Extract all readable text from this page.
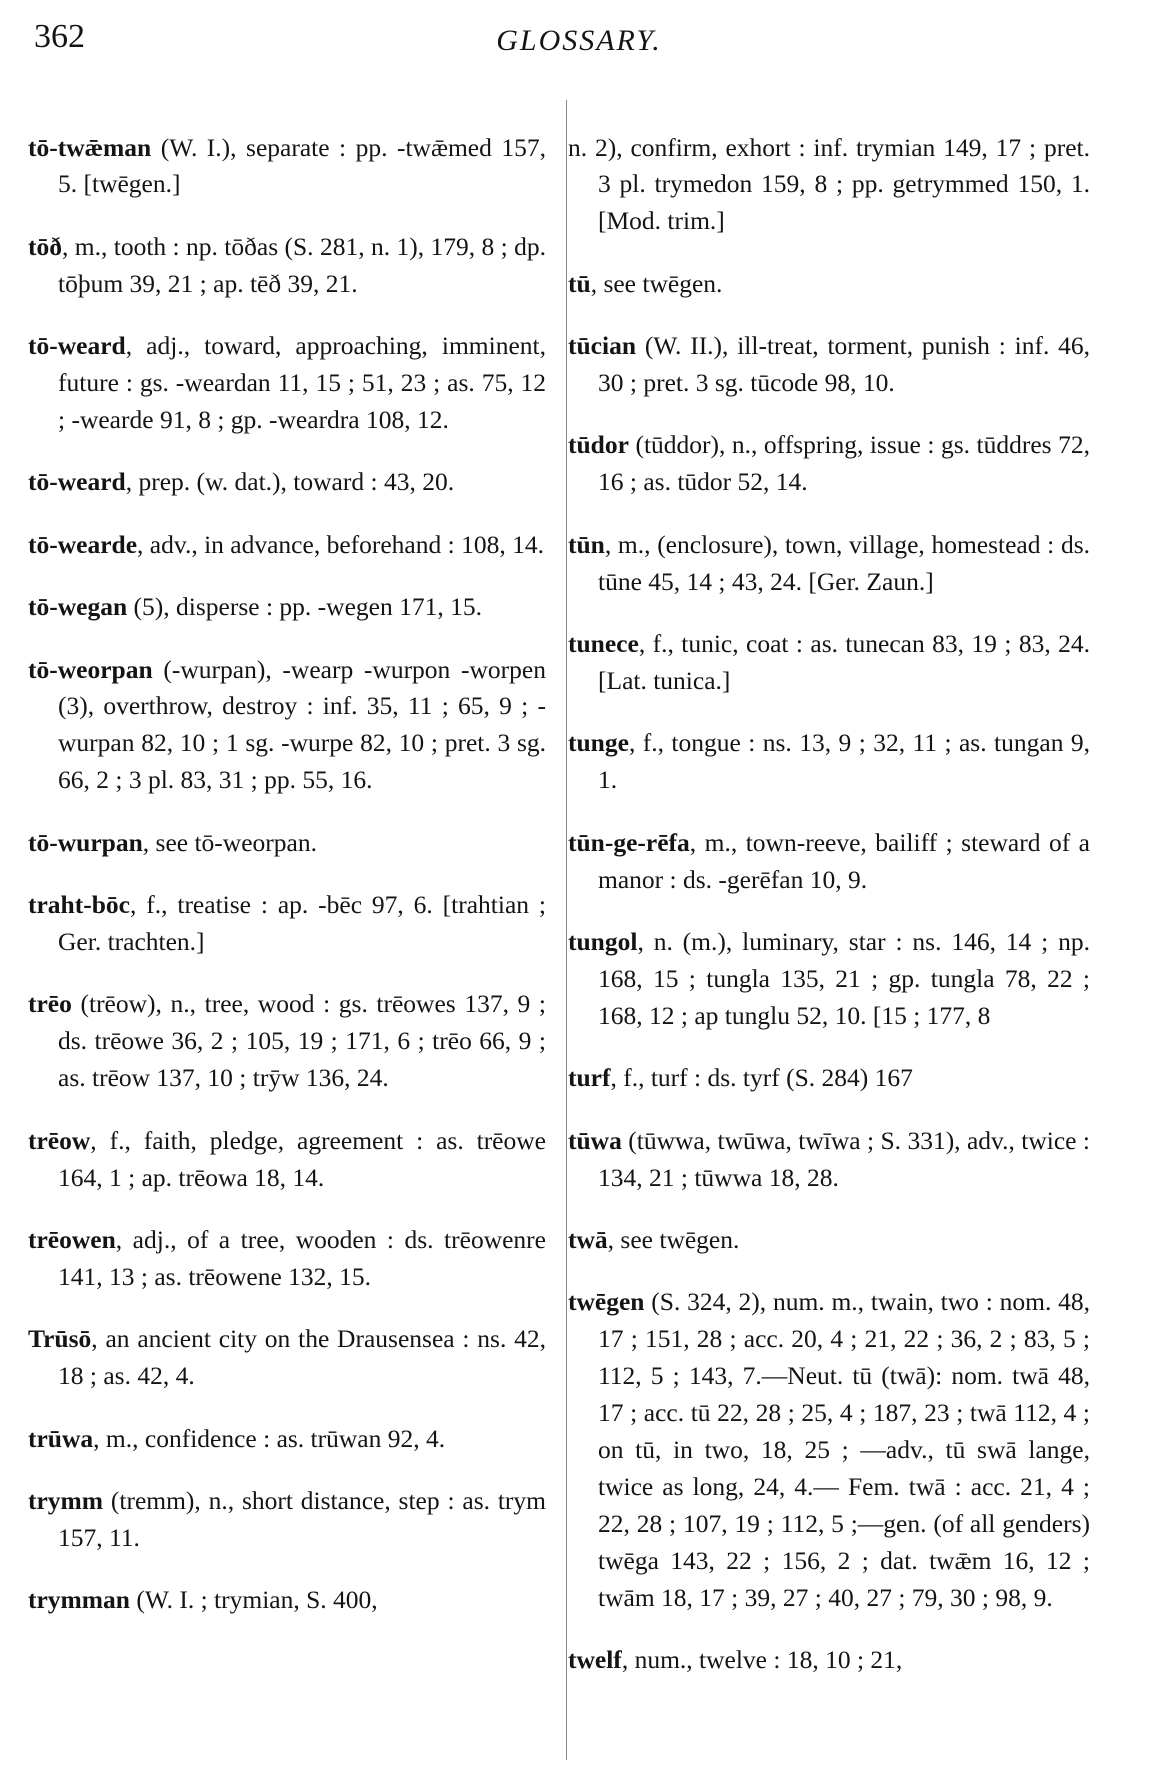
362	GLOSSARY.

tō-twǣman (W. I.), separate : pp. -twǣmed 157, 5. [twēgen.]

tōð, m., tooth : np. tōðas (S. 281, n. 1), 179, 8 ; dp. tōþum 39, 21 ; ap. tēð 39, 21.

tō-weard, adj., toward, approaching, imminent, future : gs. -weardan 11, 15 ; 51, 23 ; as. 75, 12 ; -wearde 91, 8 ; gp. -weardra 108, 12.

tō-weard, prep. (w. dat.), toward : 43, 20.

tō-wearde, adv., in advance, beforehand : 108, 14.

tō-wegan (5), disperse : pp. -wegen 171, 15.

tō-weorpan (-wurpan), -wearp -wurpon -worpen (3), overthrow, destroy : inf. 35, 11 ; 65, 9 ; -wurpan 82, 10 ; 1 sg. -wurpe 82, 10 ; pret. 3 sg. 66, 2 ; 3 pl. 83, 31 ; pp. 55, 16.

tō-wurpan, see tō-weorpan.

traht-bōc, f., treatise : ap. -bēc 97, 6. [trahtian ; Ger. trachten.]

trēo (trēow), n., tree, wood : gs. trēowes 137, 9 ; ds. trēowe 36, 2 ; 105, 19 ; 171, 6 ; trēo 66, 9 ; as. trēow 137, 10 ; trӯw 136, 24.

trēow, f., faith, pledge, agreement : as. trēowe 164, 1 ; ap. trēowa 18, 14.

trēowen, adj., of a tree, wooden : ds. trēowenre 141, 13 ; as. trēowene 132, 15.

Trūsō, an ancient city on the Drausensea : ns. 42, 18 ; as. 42, 4.

trūwa, m., confidence : as. trūwan 92, 4.

trymm (tremm), n., short distance, step : as. trym 157, 11.

trymman (W. I. ; trymian, S. 400,

n. 2), confirm, exhort : inf. trymian 149, 17 ; pret. 3 pl. trymedon 159, 8 ; pp. getrymmed 150, 1. [Mod. trim.]

tū, see twēgen.

tūcian (W. II.), ill-treat, torment, punish : inf. 46, 30 ; pret. 3 sg. tūcode 98, 10.

tūdor (tūddor), n., offspring, issue : gs. tūddres 72, 16 ; as. tūdor 52, 14.

tūn, m., (enclosure), town, village, homestead : ds. tūne 45, 14 ; 43, 24. [Ger. Zaun.]

tunece, f., tunic, coat : as. tunecan 83, 19 ; 83, 24. [Lat. tunica.]

tunge, f., tongue : ns. 13, 9 ; 32, 11 ; as. tungan 9, 1.

tūn-ge-rēfa, m., town-reeve, bailiff ; steward of a manor : ds. -gerēfan 10, 9.

tungol, n. (m.), luminary, star : ns. 146, 14 ; np. 168, 15 ; tungla 135, 21 ; gp. tungla 78, 22 ; 168, 12 ; ap tunglu 52, 10. [15 ; 177, 8

turf, f., turf : ds. tyrf (S. 284) 167

tūwa (tūwwa, twūwa, twīwa ; S. 331), adv., twice : 134, 21 ; tūwwa 18, 28.

twā, see twēgen.

twēgen (S. 324, 2), num. m., twain, two : nom. 48, 17 ; 151, 28 ; acc. 20, 4 ; 21, 22 ; 36, 2 ; 83, 5 ; 112, 5 ; 143, 7.—Neut. tū (twā): nom. twā 48, 17 ; acc. tū 22, 28 ; 25, 4 ; 187, 23 ; twā 112, 4 ; on tū, in two, 18, 25 ; —adv., tū swā lange, twice as long, 24, 4.— Fem. twā : acc. 21, 4 ; 22, 28 ; 107, 19 ; 112, 5 ;—gen. (of all genders) twēga 143, 22 ; 156, 2 ; dat. twǣm 16, 12 ; twām 18, 17 ; 39, 27 ; 40, 27 ; 79, 30 ; 98, 9.

twelf, num., twelve : 18, 10 ; 21,
